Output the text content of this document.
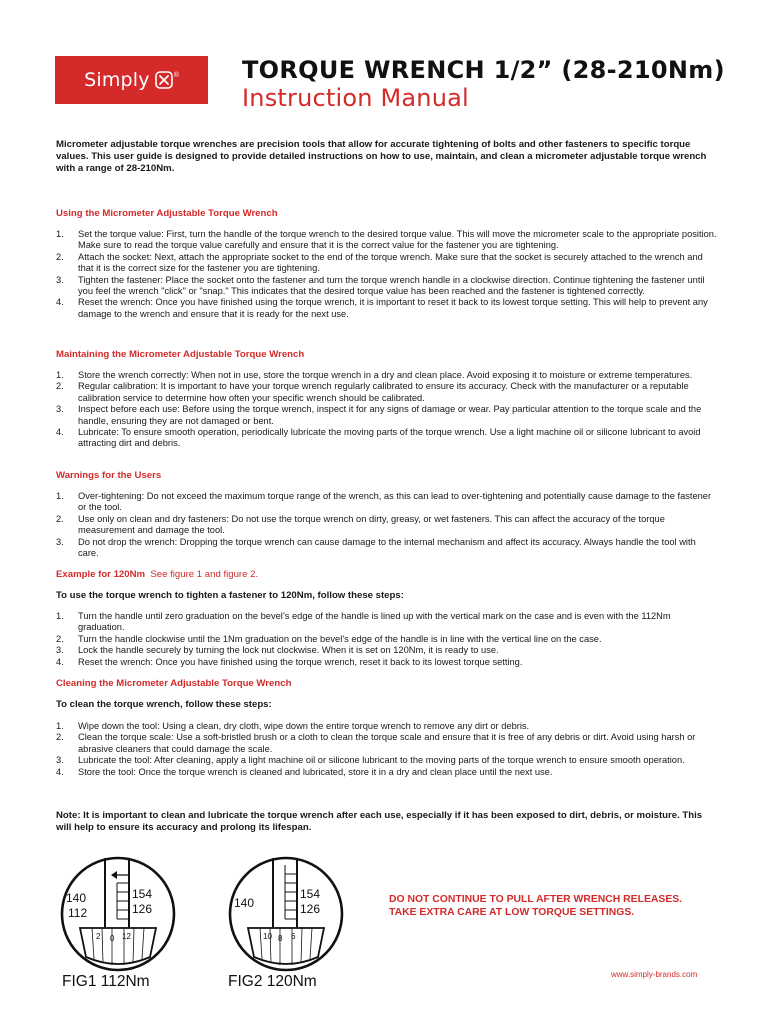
Simply	®	TORQUE WRENCH 1/2” (28-210Nm)
Instruction Manual
Micrometer adjustable torque wrenches are precision tools that allow for accurate tightening of bolts and other fasteners to specific torque values. This user guide is designed to provide detailed instructions on how to use, maintain, and clean a micrometer adjustable torque wrench with a range of 28-210Nm.
Using the Micrometer Adjustable Torque Wrench
1. Set the torque value: First, turn the handle of the torque wrench to the desired torque value. This will move the micrometer scale to the appropriate position. Make sure to read the torque value carefully and ensure that it is the correct value for the fastener you are tightening.
2. Attach the socket: Next, attach the appropriate socket to the end of the torque wrench. Make sure that the socket is securely attached to the wrench and that it is the correct size for the fastener you are tightening.
3. Tighten the fastener: Place the socket onto the fastener and turn the torque wrench handle in a clockwise direction. Continue tightening the fastener until you feel the wrench "click" or "snap." This indicates that the desired torque value has been reached and the fastener is tightened correctly.
4. Reset the wrench: Once you have finished using the torque wrench, it is important to reset it back to its lowest torque setting. This will help to prevent any damage to the wrench and ensure that it is ready for the next use.
Maintaining the Micrometer Adjustable Torque Wrench
1. Store the wrench correctly: When not in use, store the torque wrench in a dry and clean place. Avoid exposing it to moisture or extreme temperatures.
2. Regular calibration: It is important to have your torque wrench regularly calibrated to ensure its accuracy. Check with the manufacturer or a reputable calibration service to determine how often your specific wrench should be calibrated.
3. Inspect before each use: Before using the torque wrench, inspect it for any signs of damage or wear. Pay particular attention to the torque scale and the handle, ensuring they are not damaged or bent.
4. Lubricate: To ensure smooth operation, periodically lubricate the moving parts of the torque wrench. Use a light machine oil or silicone lubricant to avoid attracting dirt and debris.
Warnings for the Users
1. Over-tightening: Do not exceed the maximum torque range of the wrench, as this can lead to over-tightening and potentially cause damage to the fastener or the tool.
2. Use only on clean and dry fasteners: Do not use the torque wrench on dirty, greasy, or wet fasteners. This can affect the accuracy of the torque measurement and damage the tool.
3. Do not drop the wrench: Dropping the torque wrench can cause damage to the internal mechanism and affect its accuracy. Always handle the tool with care.
Example for 120Nm See figure 1 and figure 2.
To use the torque wrench to tighten a fastener to 120Nm, follow these steps:
1. Turn the handle until zero graduation on the bevel’s edge of the handle is lined up with the vertical mark on the case and is even with the 112Nm graduation.
2. Turn the handle clockwise until the 1Nm graduation on the bevel’s edge of the handle is in line with the vertical line on the case.
3. Lock the handle securely by turning the lock nut clockwise. When it is set on 120Nm, it is ready to use.
4. Reset the wrench: Once you have finished using the torque wrench, reset it back to its lowest torque setting.
Cleaning the Micrometer Adjustable Torque Wrench
To clean the torque wrench, follow these steps:
1. Wipe down the tool: Using a clean, dry cloth, wipe down the entire torque wrench to remove any dirt or debris.
2. Clean the torque scale: Use a soft-bristled brush or a cloth to clean the torque scale and ensure that it is free of any debris or dirt. Avoid using harsh or abrasive cleaners that could damage the scale.
3. Lubricate the tool: After cleaning, apply a light machine oil or silicone lubricant to the moving parts of the torque wrench to ensure smooth operation.
4. Store the tool: Once the torque wrench is cleaned and lubricated, store it in a dry and clean place until the next use.
Note: It is important to clean and lubricate the torque wrench after each use, especially if it has been exposed to dirt, debris, or moisture. This will help to ensure its accuracy and prolong its lifespan.
140
112
154
126
2 0 12
FIG1 112Nm
140
154
126
10 8 6
FIG2 120Nm
DO NOT CONTINUE TO PULL AFTER WRENCH RELEASES.
TAKE EXTRA CARE AT LOW TORQUE SETTINGS.
www.simply-brands.com
